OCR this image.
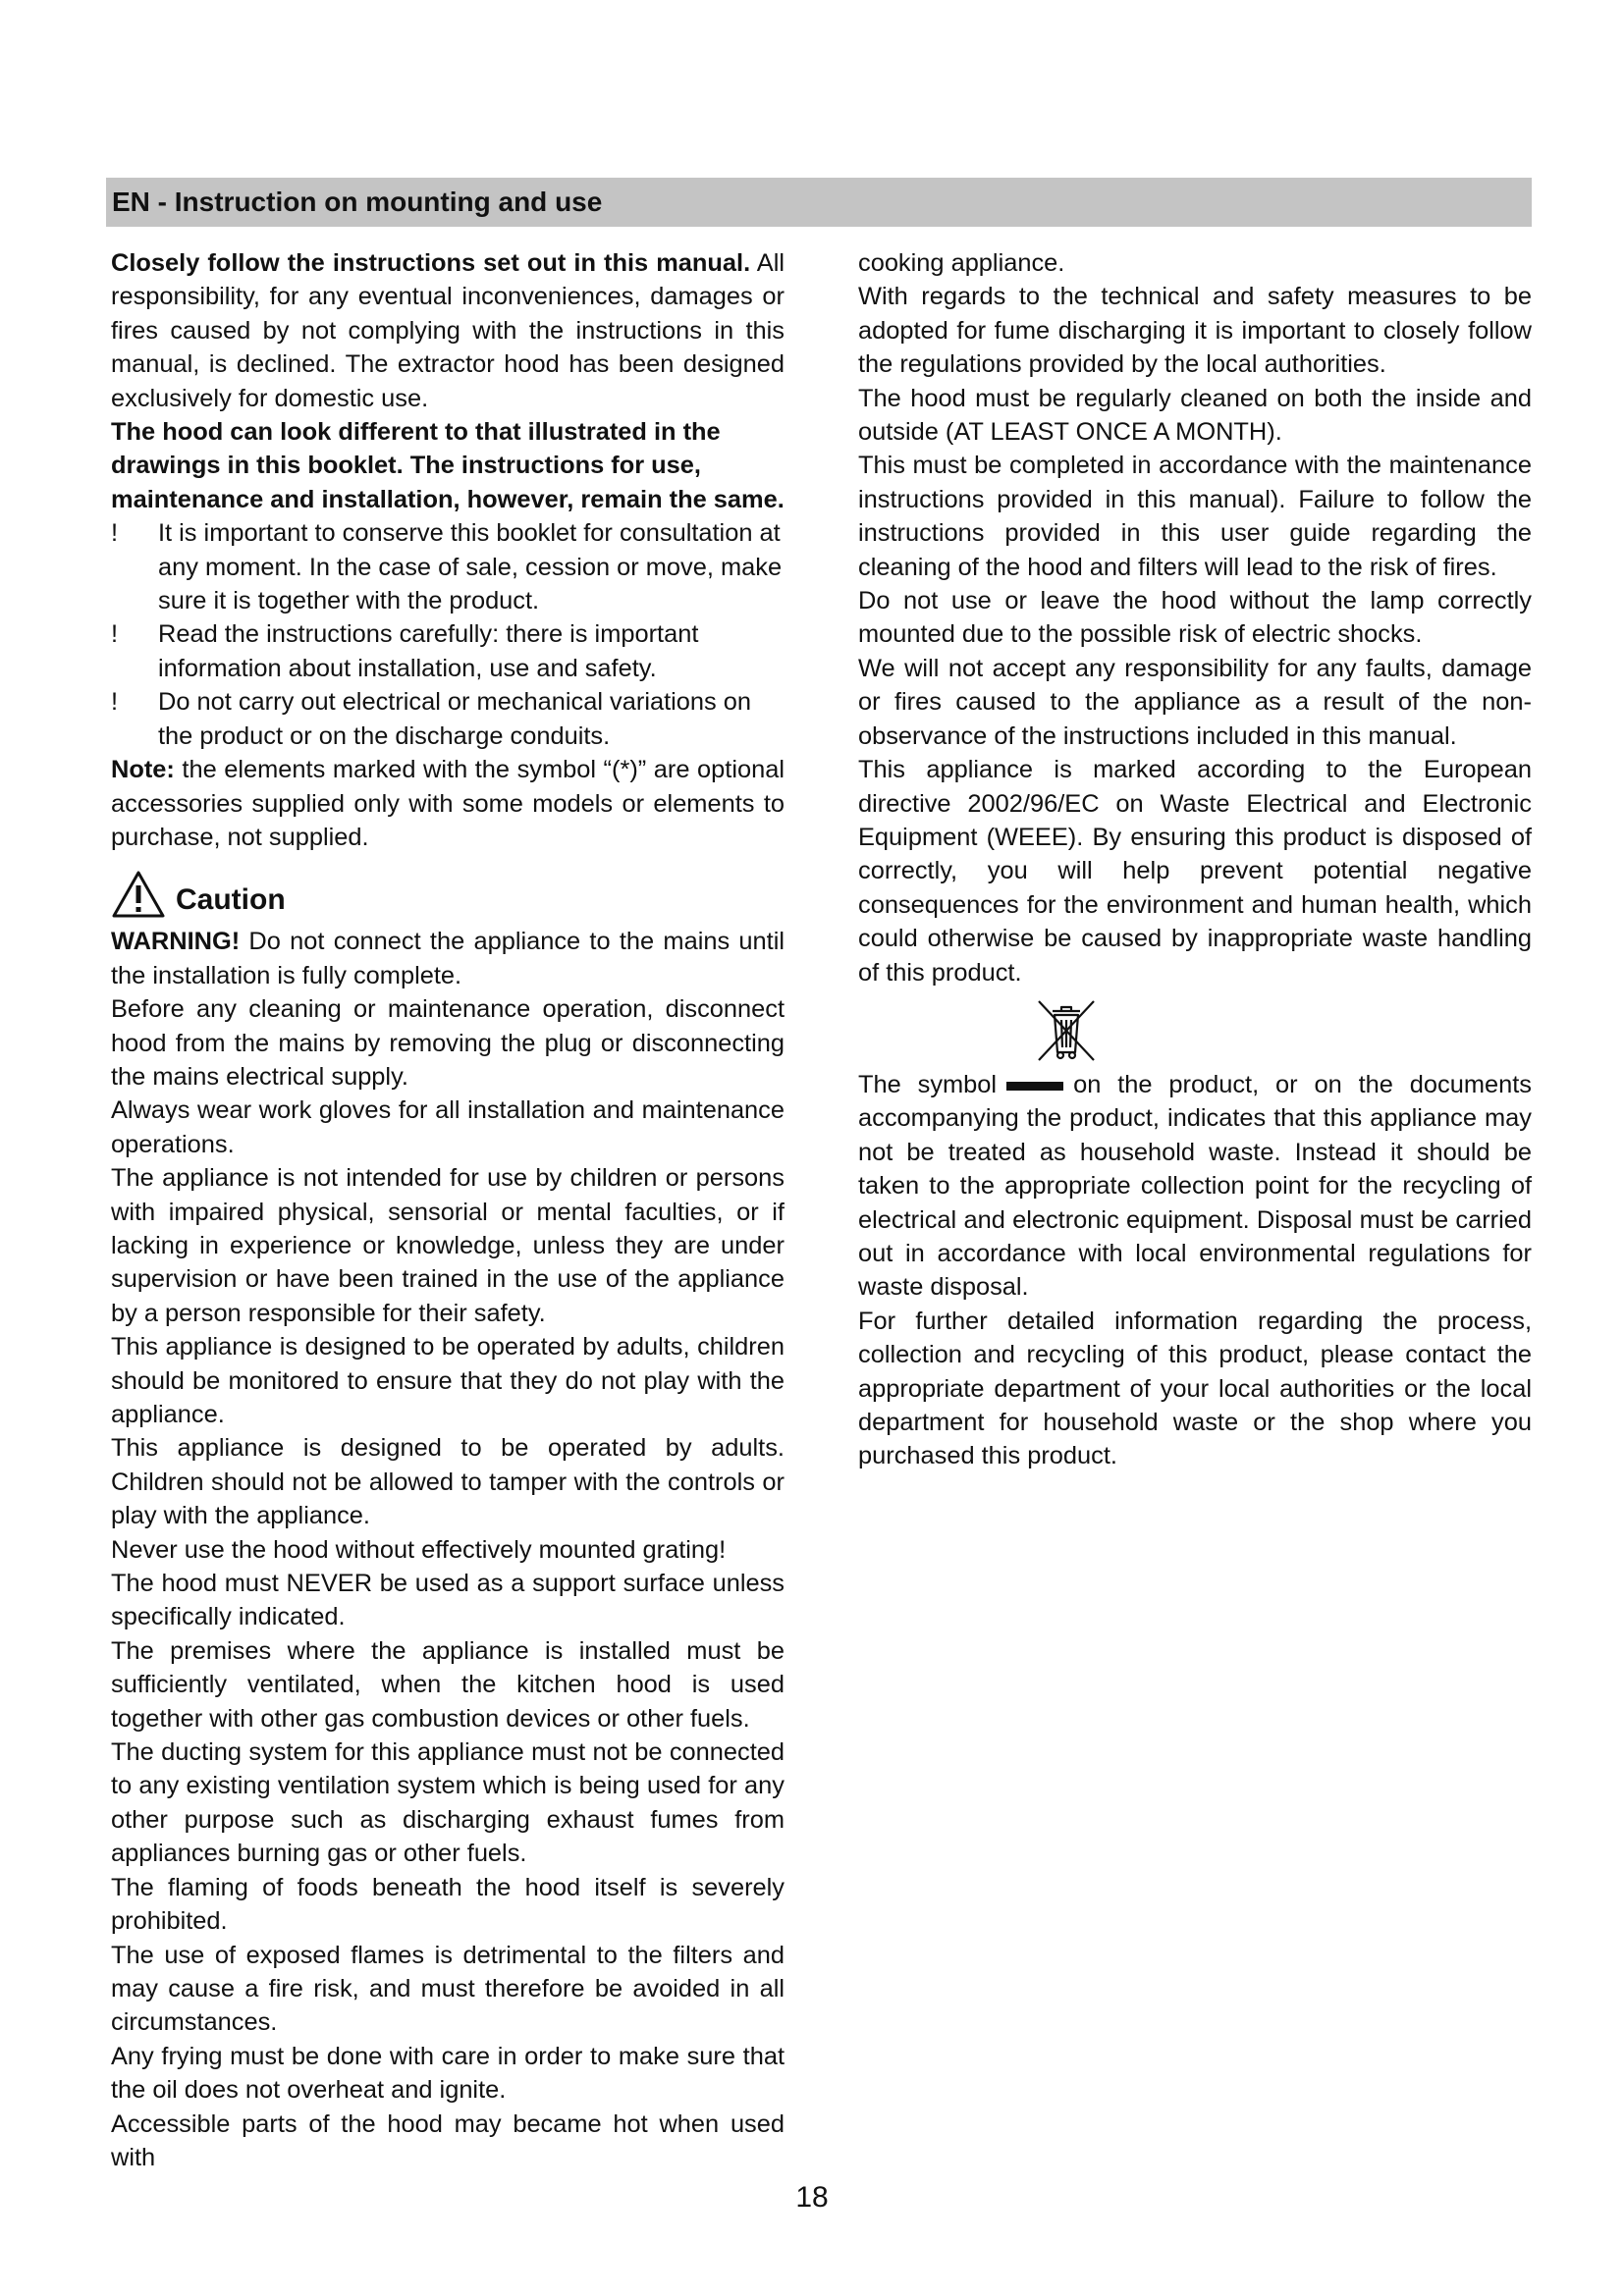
EN - Instruction on mounting and use

Closely follow the instructions set out in this manual. All responsibility, for any eventual inconveniences, damages or fires caused by not complying with the instructions in this manual, is declined. The extractor hood has been designed exclusively for domestic use.

The hood can look different to that illustrated in the drawings in this booklet. The instructions for use, maintenance and installation, however, remain the same.

! It is important to conserve this booklet for consultation at any moment. In the case of sale, cession or move, make sure it is together with the product.

! Read the instructions carefully: there is important information about installation, use and safety.

! Do not carry out electrical or mechanical variations on the product or on the discharge conduits.

Note: the elements marked with the symbol “(*)” are optional accessories supplied only with some models or elements to purchase, not supplied.

Caution

WARNING! Do not connect the appliance to the mains until the installation is fully complete.

Before any cleaning or maintenance operation, disconnect hood from the mains by removing the plug or disconnecting the mains electrical supply.

Always wear work gloves for all installation and maintenance operations.

The appliance is not intended for use by children or persons with impaired physical, sensorial or mental faculties, or if lacking in experience or knowledge, unless they are under supervision or have been trained in the use of the appliance by a person responsible for their safety.

This appliance is designed to be operated by adults, children should be monitored to ensure that they do not play with the appliance.

This appliance is designed to be operated by adults. Children should not be allowed to tamper with the controls or play with the appliance.

Never use the hood without effectively mounted grating!

The hood must NEVER be used as a support surface unless specifically indicated.

The premises where the appliance is installed must be sufficiently ventilated, when the kitchen hood is used together with other gas combustion devices or other fuels.

The ducting system for this appliance must not be connected to any existing ventilation system which is being used for any other purpose such as discharging exhaust fumes from appliances burning gas or other fuels.

The flaming of foods beneath the hood itself is severely prohibited.

The use of exposed flames is detrimental to the filters and may cause a fire risk, and must therefore be avoided in all circumstances.

Any frying must be done with care in order to make sure that the oil does not overheat and ignite.

Accessible parts of the hood may became hot when used with

cooking appliance.

With regards to the technical and safety measures to be adopted for fume discharging it is important to closely follow the regulations provided by the local authorities.

The hood must be regularly cleaned on both the inside and outside (AT LEAST ONCE A MONTH).

This must be completed in accordance with the maintenance instructions provided in this manual). Failure to follow the instructions provided in this user guide regarding the cleaning of the hood and filters will lead to the risk of fires.

Do not use or leave the hood without the lamp correctly mounted due to the possible risk of electric shocks.

We will not accept any responsibility for any faults, damage or fires caused to the appliance as a result of the non-observance of the instructions included in this manual.

This appliance is marked according to the European directive 2002/96/EC on Waste Electrical and Electronic Equipment (WEEE). By ensuring this product is disposed of correctly, you will help prevent potential negative consequences for the environment and human health, which could otherwise be caused by inappropriate waste handling of this product.

The symbol	on the product, or on the documents accompanying the product, indicates that this appliance may not be treated as household waste. Instead it should be taken to the appropriate collection point for the recycling of electrical and electronic equipment. Disposal must be carried out in accordance with local environmental regulations for waste disposal.

For further detailed information regarding the process, collection and recycling of this product, please contact the appropriate department of your local authorities or the local department for household waste or the shop where you purchased this product.

18
